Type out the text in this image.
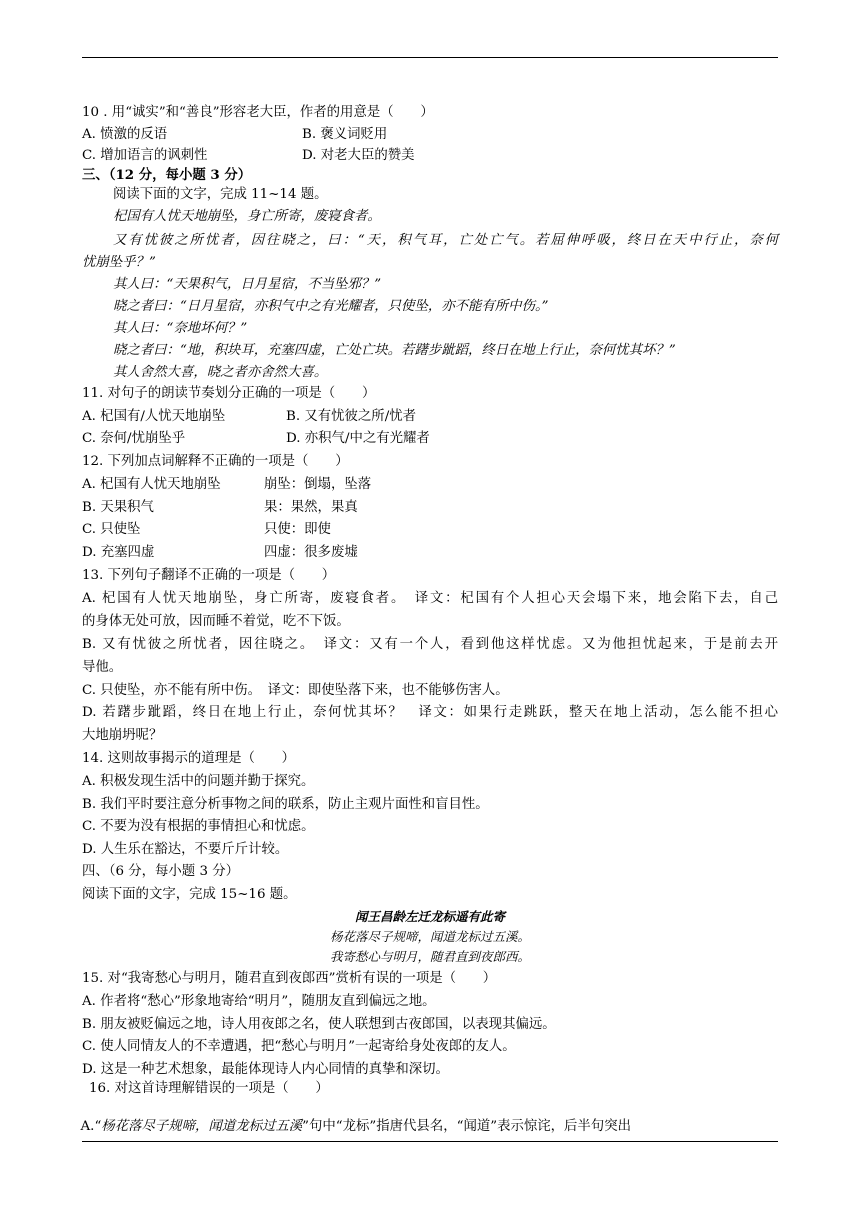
10 . 用“诚实”和“善良”形容老大臣，作者的用意是（　　）
A. 愤激的反语	B. 褒义词贬用
C. 增加语言的讽刺性	D. 对老大臣的赞美
三、（12 分，每小题 3 分）
阅读下面的文字，完成 11~14 题。
杞国有人忧天地崩坠，身亡所寄，废寝食者。
又有忧彼之所忧者，因往晓之，曰：“天，积气耳，亡处亡气。若屈伸呼吸，终日在天中行止，奈何
忧崩坠乎？”
其人曰：“天果积气，日月星宿，不当坠邪？”
晓之者曰：“日月星宿，亦积气中之有光耀者，只使坠，亦不能有所中伤。”
其人曰：“奈地坏何？”
晓之者曰：“地，积块耳，充塞四虚，亡处亡块。若躇步跐蹈，终日在地上行止，奈何忧其坏？”
其人舍然大喜，晓之者亦舍然大喜。
11. 对句子的朗读节奏划分正确的一项是（　　）
A. 杞国有/人忧天地崩坠	B. 又有忧彼之所/忧者
C. 奈何/忧崩坠乎	D. 亦积气/中之有光耀者
12. 下列加点词解释不正确的一项是（　　）
A. 杞国有人忧天地崩坠	崩坠：倒塌，坠落
B. 天果积气	果：果然，果真
C. 只使坠	只使：即使
D. 充塞四虚	四虚：很多废墟
13. 下列句子翻译不正确的一项是（　　）
A. 杞国有人忧天地崩坠，身亡所寄，废寝食者。　译文：杞国有个人担心天会塌下来，地会陷下去，自己
的身体无处可放，因而睡不着觉，吃不下饭。
B. 又有忧彼之所忧者，因往晓之。　译文：又有一个人，看到他这样忧虑。又为他担忧起来，于是前去开
导他。
C. 只使坠，亦不能有所中伤。　译文：即使坠落下来，也不能够伤害人。
D. 若躇步跐蹈，终日在地上行止，奈何忧其坏？　译文：如果行走跳跃，整天在地上活动，怎么能不担心
大地崩坍呢？
14. 这则故事揭示的道理是（　　）
A. 积极发现生活中的问题并勤于探究。
B. 我们平时要注意分析事物之间的联系，防止主观片面性和盲目性。
C. 不要为没有根据的事情担心和忧虑。
D. 人生乐在豁达，不要斤斤计较。
四、（6 分，每小题 3 分）
阅读下面的文字，完成 15~16 题。
闻王昌龄左迁龙标遥有此寄
杨花落尽子规啼，闻道龙标过五溪。
我寄愁心与明月，随君直到夜郎西。
15. 对“我寄愁心与明月，随君直到夜郎西”赏析有误的一项是（　　）
A. 作者将“愁心”形象地寄给“明月”，随朋友直到偏远之地。
B. 朋友被贬偏远之地，诗人用夜郎之名，使人联想到古夜郎国，以表现其偏远。
C. 使人同情友人的不幸遭遇，把“愁心与明月”一起寄给身处夜郎的友人。
D. 这是一种艺术想象，最能体现诗人内心同情的真挚和深切。
16. 对这首诗理解错误的一项是（　　）

A.“杨花落尽子规啼，闻道龙标过五溪”句中“龙标”指唐代县名，“闻道”表示惊诧，后半句突出
